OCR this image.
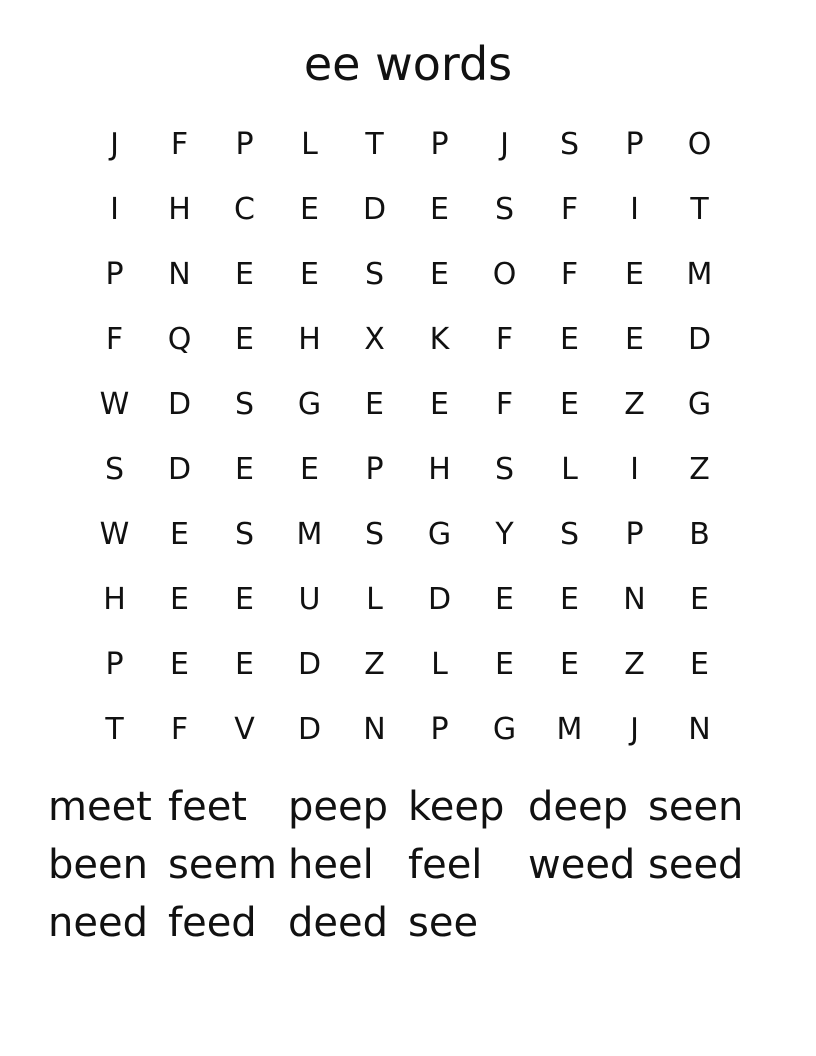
ee words
J	F	P	L	T	P	J	S	P	O
I	H	C	E	D	E	S	F	I	T
P	N	E	E	S	E	O	F	E	M
F	Q	E	H	X	K	F	E	E	D
W	D	S	G	E	E	F	E	Z	G
S	D	E	E	P	H	S	L	I	Z
W	E	S	M	S	G	Y	S	P	B
H	E	E	U	L	D	E	E	N	E
P	E	E	D	Z	L	E	E	Z	E
T	F	V	D	N	P	G	M	J	N
meet feet	peep keep deep seen
been seem heel feel	weed seed
need feed deed see
